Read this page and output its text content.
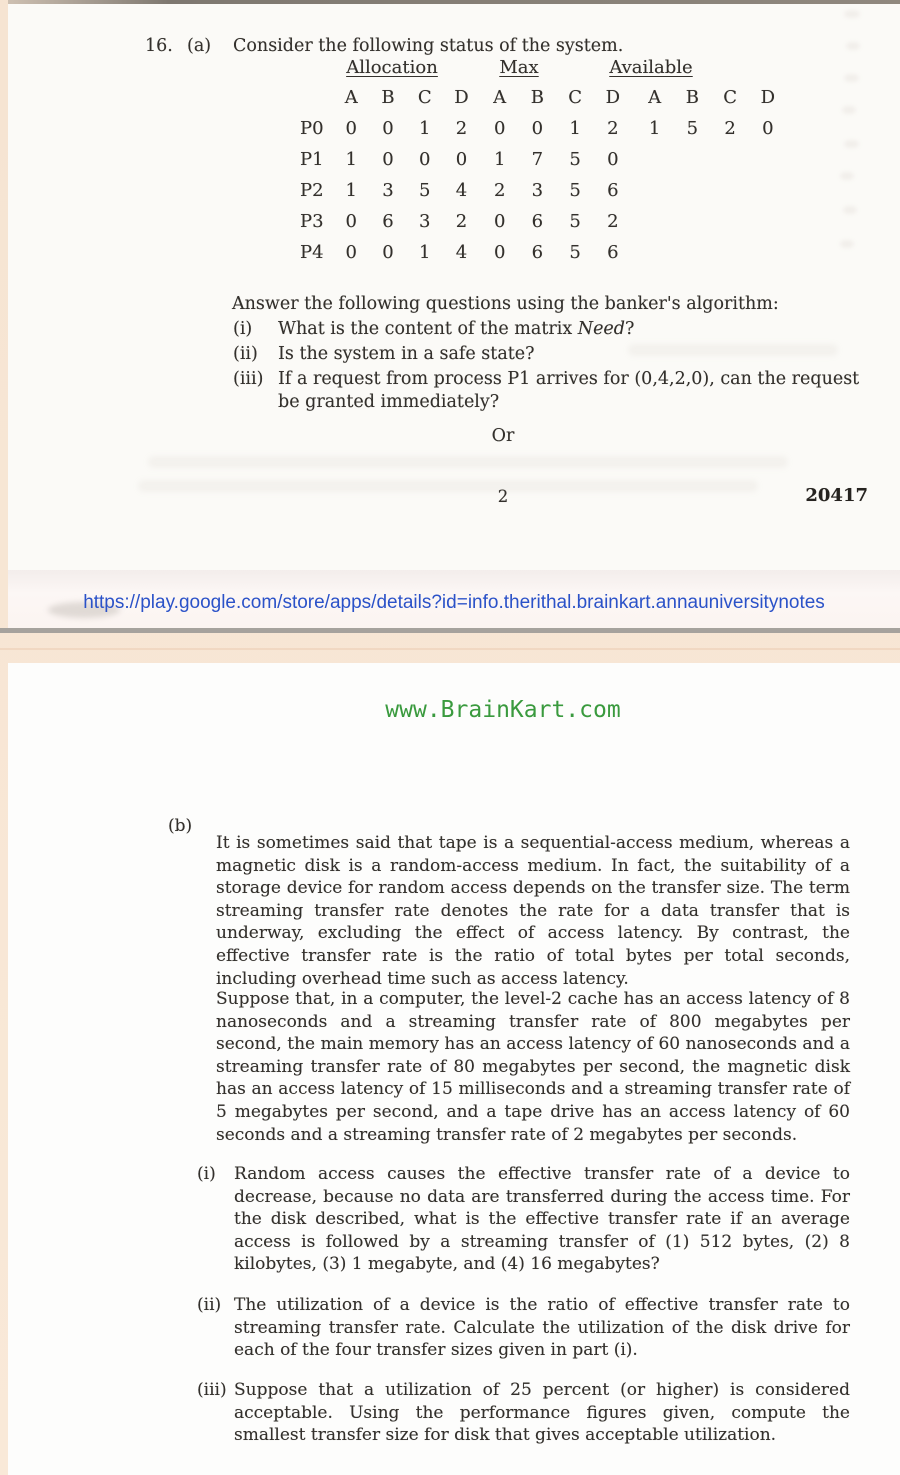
16. (a) Consider the following status of the system.
Allocation	Max	Available
A B C D A B C D A B C D
P0 0 0 1 2 0 0 1 2 1 5 2 0
P1 1 0 0 0 1 7 5 0
P2 1 3 5 4 2 3 5 6
P3 0 6 3 2 0 6 5 2
P4 0 0 1 4 0 6 5 6
Answer the following questions using the banker's algorithm:
(i)	What is the content of the matrix Need?
(ii)	Is the system in a safe state?
(iii) If a request from process P1 arrives for (0,4,2,0), can the request be granted immediately?
Or
2	20417
https://play.google.com/store/apps/details?id=info.therithal.brainkart.annauniversitynotes
www.BrainKart.com
(b)

It is sometimes said that tape is a sequential-access medium, whereas a magnetic disk is a random-access medium. In fact, the suitability of a storage device for random access depends on the transfer size. The term streaming transfer rate denotes the rate for a data transfer that is underway, excluding the effect of access latency. By contrast, the effective transfer rate is the ratio of total bytes per total seconds, including overhead time such as access latency.

Suppose that, in a computer, the level-2 cache has an access latency of 8 nanoseconds and a streaming transfer rate of 800 megabytes per second, the main memory has an access latency of 60 nanoseconds and a streaming transfer rate of 80 megabytes per second, the magnetic disk has an access latency of 15 milliseconds and a streaming transfer rate of 5 megabytes per second, and a tape drive has an access latency of 60 seconds and a streaming transfer rate of 2 megabytes per seconds.

(i)	Random access causes the effective transfer rate of a device to decrease, because no data are transferred during the access time. For the disk described, what is the effective transfer rate if an average access is followed by a streaming transfer of (1) 512 bytes, (2) 8 kilobytes, (3) 1 megabyte, and (4) 16 megabytes?
(ii) The utilization of a device is the ratio of effective transfer rate to streaming transfer rate. Calculate the utilization of the disk drive for each of the four transfer sizes given in part (i).
(iii) Suppose that a utilization of 25 percent (or higher) is considered acceptable. Using the performance figures given, compute the smallest transfer size for disk that gives acceptable utilization.
